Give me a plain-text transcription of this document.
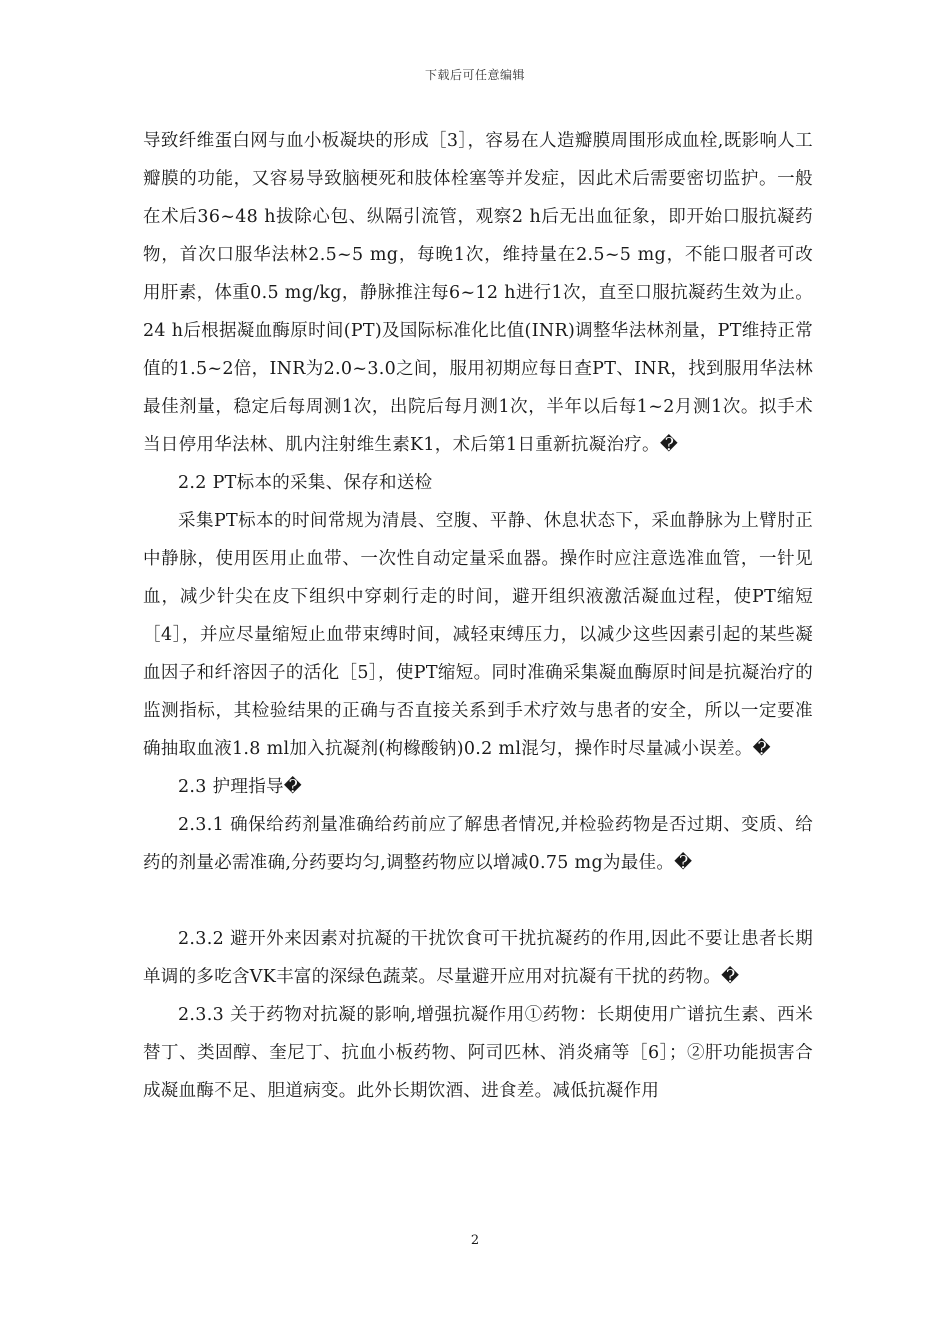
下载后可任意编辑

导致纤维蛋白网与血小板凝块的形成［3］，容易在人造瓣膜周围形成血栓,既影响人工瓣膜的功能，又容易导致脑梗死和肢体栓塞等并发症，因此术后需要密切监护。一般在术后36~48 h拔除心包、纵隔引流管，观察2 h后无出血征象，即开始口服抗凝药物，首次口服华法林2.5~5 mg，每晚1次，维持量在2.5~5 mg，不能口服者可改用肝素，体重0.5 mg/kg，静脉推注每6~12 h进行1次，直至口服抗凝药生效为止。24 h后根据凝血酶原时间(PT)及国际标准化比值(INR)调整华法林剂量，PT维持正常值的1.5~2倍，INR为2.0~3.0之间，服用初期应每日查PT、INR，找到服用华法林最佳剂量，稳定后每周测1次，出院后每月测1次，半年以后每1~2月测1次。拟手术当日停用华法林、肌内注射维生素K1，术后第1日重新抗凝治疗。�

2.2 PT标本的采集、保存和送检

采集PT标本的时间常规为清晨、空腹、平静、休息状态下，采血静脉为上臂肘正中静脉，使用医用止血带、一次性自动定量采血器。操作时应注意选准血管，一针见血，减少针尖在皮下组织中穿刺行走的时间，避开组织液激活凝血过程，使PT缩短［4］，并应尽量缩短止血带束缚时间，减轻束缚压力，以减少这些因素引起的某些凝血因子和纤溶因子的活化［5］，使PT缩短。同时准确采集凝血酶原时间是抗凝治疗的监测指标，其检验结果的正确与否直接关系到手术疗效与患者的安全，所以一定要准确抽取血液1.8 ml加入抗凝剂(枸橼酸钠)0.2 ml混匀，操作时尽量减小误差。�

2.3 护理指导�

2.3.1 确保给药剂量准确给药前应了解患者情况,并检验药物是否过期、变质、给药的剂量必需准确,分药要均匀,调整药物应以增减0.75 mg为最佳。�

2.3.2 避开外来因素对抗凝的干扰饮食可干扰抗凝药的作用,因此不要让患者长期单调的多吃含VK丰富的深绿色蔬菜。尽量避开应用对抗凝有干扰的药物。�

2.3.3 关于药物对抗凝的影响,增强抗凝作用①药物：长期使用广谱抗生素、西米替丁、类固醇、奎尼丁、抗血小板药物、阿司匹林、消炎痛等［6］；②肝功能损害合成凝血酶不足、胆道病变。此外长期饮酒、进食差。减低抗凝作用

2
